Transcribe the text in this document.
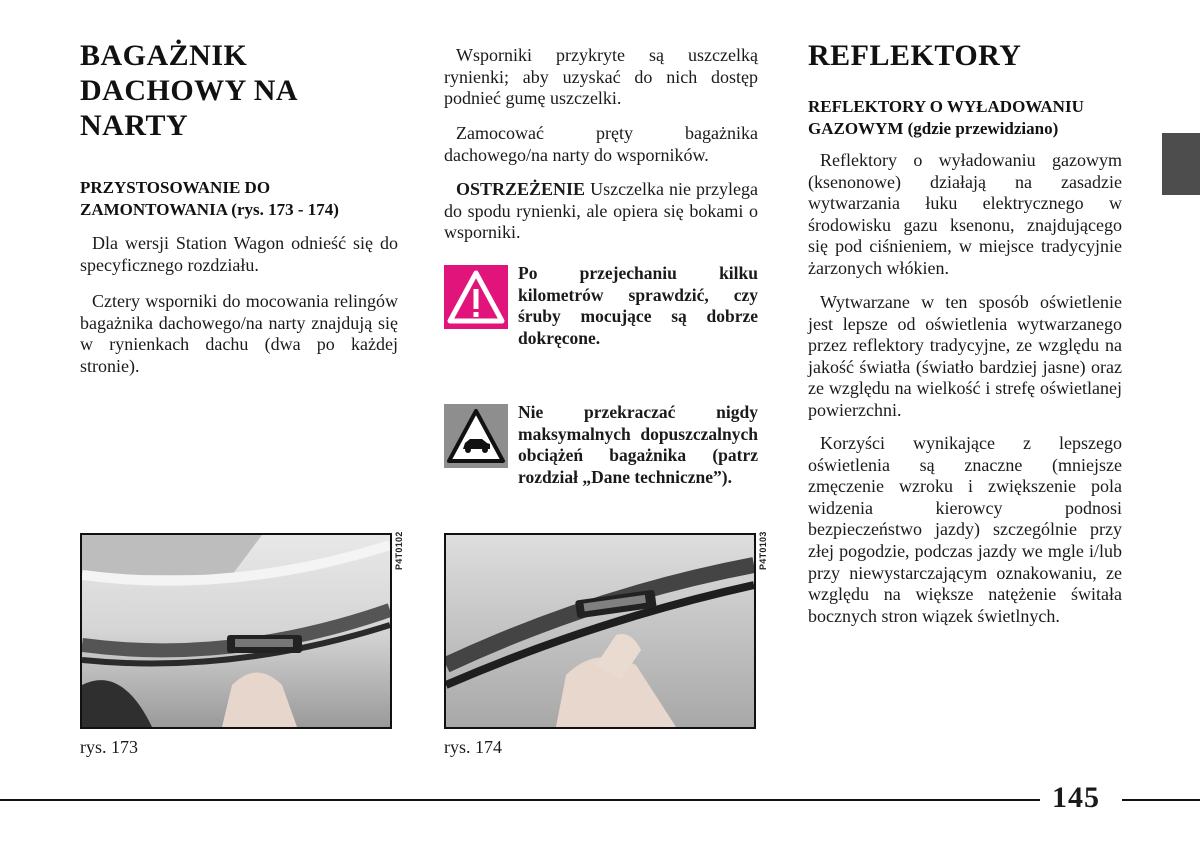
BAGAŻNIK DACHOWY NA NARTY
PRZYSTOSOWANIE DO ZAMONTOWANIA (rys. 173 - 174)

Dla wersji Station Wagon odnieść się do specyficznego rozdziału.

Cztery wsporniki do mocowania relingów bagażnika dachowego/na narty znajdują się w rynienkach dachu (dwa po każdej stronie).

Wsporniki przykryte są uszczelką rynienki; aby uzyskać do nich dostęp podnieć gumę uszczelki.

Zamocować pręty bagażnika dachowego/na narty do wsporników.

OSTRZEŻENIE Uszczelka nie przylega do spodu rynienki, ale opiera się bokami o wsporniki.

Po przejechaniu kilku kilometrów sprawdzić, czy śruby mocujące są dobrze dokręcone.
Nie przekraczać nigdy maksymalnych dopuszczalnych obciążeń bagażnika (patrz rozdział „Dane techniczne”).
P4T0102
rys. 173
P4T0103
rys. 174
REFLEKTORY
REFLEKTORY O WYŁADOWANIU GAZOWYM (gdzie przewidziano)

Reflektory o wyładowaniu gazowym (ksenonowe) działają na zasadzie wytwarzania łuku elektrycznego w środowisku gazu ksenonu, znajdującego się pod ciśnieniem, w miejsce tradycyjnie żarzonych włókien.

Wytwarzane w ten sposób oświetlenie jest lepsze od oświetlenia wytwarzanego przez reflektory tradycyjne, ze względu na jakość światła (światło bardziej jasne) oraz ze względu na wielkość i strefę oświetlanej powierzchni.

Korzyści wynikające z lepszego oświetlenia są znaczne (mniejsze zmęczenie wzroku i zwiększenie pola widzenia kierowcy podnosi bezpieczeństwo jazdy) szczególnie przy złej pogodzie, podczas jazdy we mgle i/lub przy niewystarczającym oznakowaniu, ze względu na większe natężenie świtała bocznych stron wiązek świetlnych.

145
